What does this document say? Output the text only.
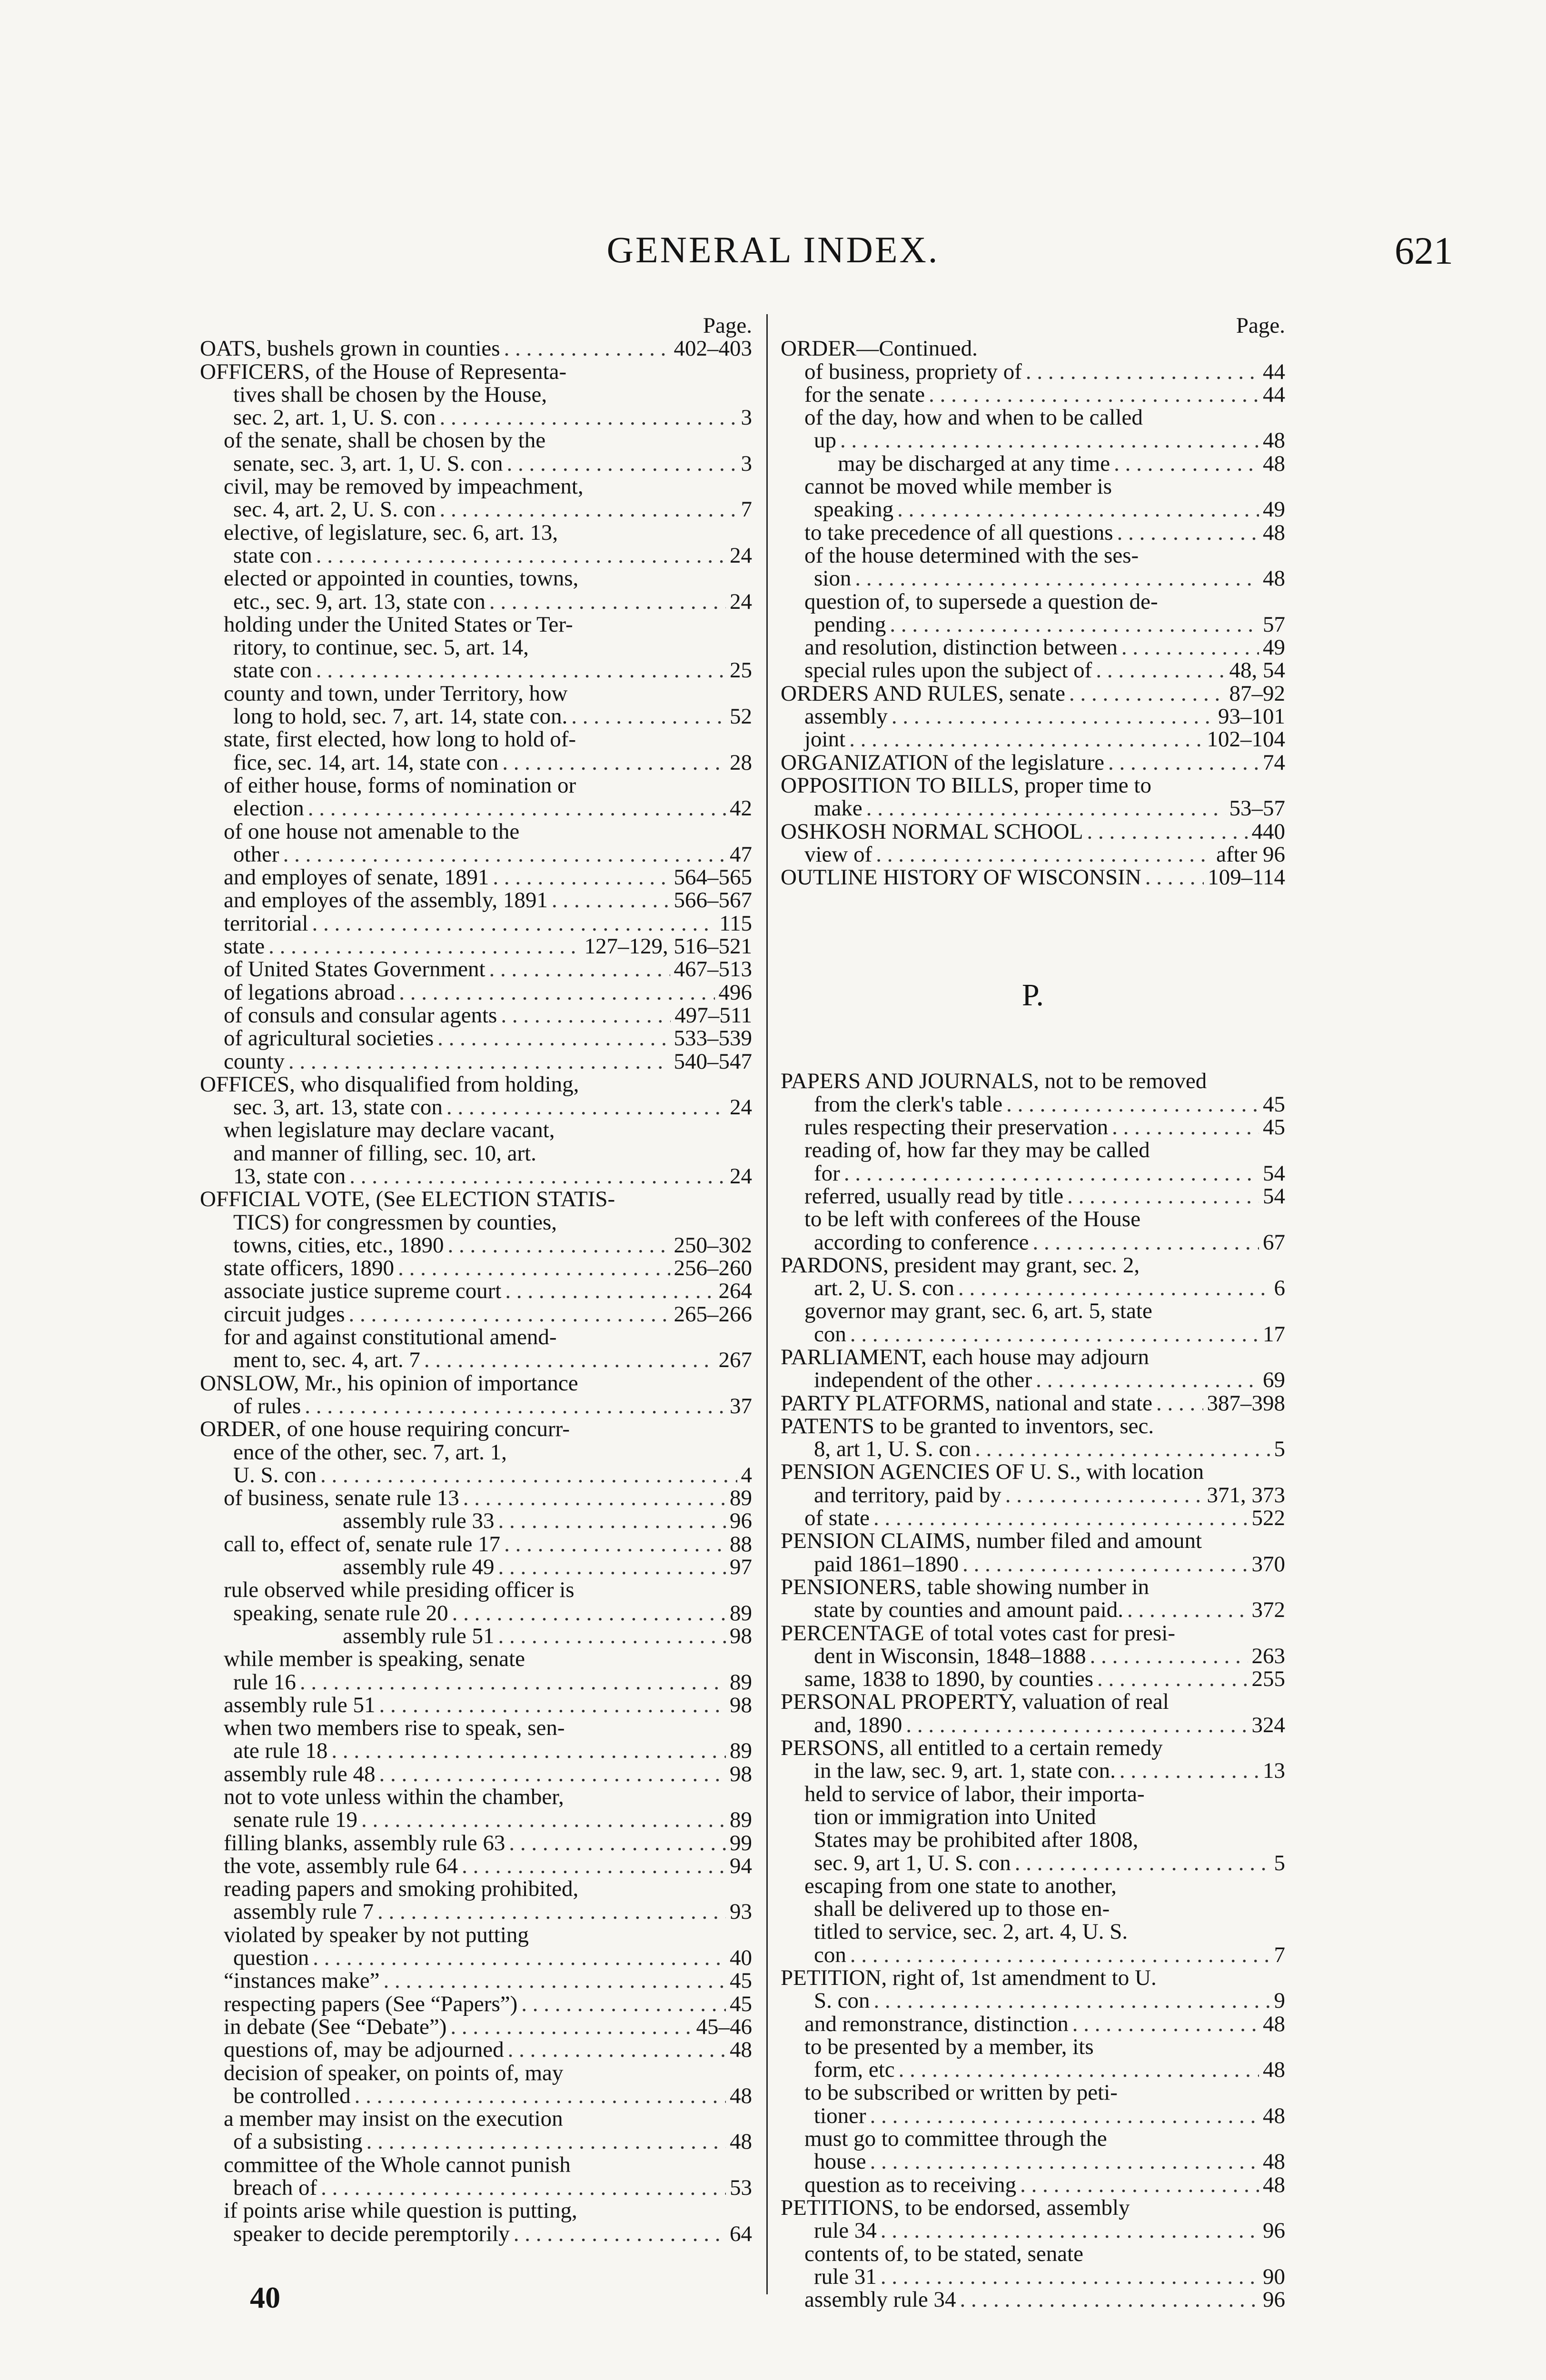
GENERAL INDEX.	621
Page.
OATS, bushels grown in counties . . .	402–403
OFFICERS, of the House of Representa-
tives shall be chosen by the House,
sec. 2, art. 1, U. S. con . . .	3
of the senate, shall be chosen by the
senate, sec. 3, art. 1, U. S. con . . .	3
civil, may be removed by impeachment,
sec. 4, art. 2, U. S. con . . .	7
elective, of legislature, sec. 6, art. 13,
state con . . .	24
elected or appointed in counties, towns,
etc., sec. 9, art. 13, state con . . .	24
holding under the United States or Ter-
ritory, to continue, sec. 5, art. 14,
state con . . .	25
county and town, under Territory, how
long to hold, sec. 7, art. 14, state con. . . .	52
state, first elected, how long to hold of-
fice, sec. 14, art. 14, state con . . .	28
of either house, forms of nomination or
election . . .	42
of one house not amenable to the
other . . .	47
and employes of senate, 1891 . . .	564–565
and employes of the assembly, 1891 . . .	566–567
territorial . . .	115
state . . .	127–129, 516–521
of United States Government . . .	467–513
of legations abroad . . .	496
of consuls and consular agents . . .	497–511
of agricultural societies . . .	533–539
county . . .	540–547
OFFICES, who disqualified from holding,
sec. 3, art. 13, state con . . .	24
when legislature may declare vacant,
and manner of filling, sec. 10, art.
13, state con . . .	24
OFFICIAL VOTE, (See ELECTION STATIS-
TICS) for congressmen by counties,
towns, cities, etc., 1890 . . .	250–302
state officers, 1890 . . .	256–260
associate justice supreme court . . .	264
circuit judges . . .	265–266
for and against constitutional amend-
ment to, sec. 4, art. 7 . . .	267
ONSLOW, Mr., his opinion of importance
of rules . . .	37
ORDER, of one house requiring concurr-
ence of the other, sec. 7, art. 1,
U. S. con . . .	4
of business, senate rule 13 . . .	89
assembly rule 33 . . .	96
call to, effect of, senate rule 17 . . .	88
assembly rule 49 . . .	97
rule observed while presiding officer is
speaking, senate rule 20 . . .	89
assembly rule 51 . . .	98
while member is speaking, senate
rule 16 . . .	89
assembly rule 51 . . .	98
when two members rise to speak, sen-
ate rule 18 . . .	89
assembly rule 48 . . .	98
not to vote unless within the chamber,
senate rule 19 . . .	89
filling blanks, assembly rule 63 . . .	99
the vote, assembly rule 64 . . .	94
reading papers and smoking prohibited,
assembly rule 7 . . .	93
violated by speaker by not putting
question . . .	40
“instances make” . . .	45
respecting papers (See “Papers”) . . .	45
in debate (See “Debate”) . . .	45–46
questions of, may be adjourned . . .	48
decision of speaker, on points of, may
be controlled . . .	48
a member may insist on the execution
of a subsisting . . .	48
committee of the Whole cannot punish
breach of . . .	53
if points arise while question is putting,
speaker to decide peremptorily . . .	64
Page.
ORDER—Continued.
of business, propriety of . . .	44
for the senate . . .	44
of the day, how and when to be called
up . . .	48
may be discharged at any time . . .	48
cannot be moved while member is
speaking . . .	49
to take precedence of all questions . . .	48
of the house determined with the ses-
sion . . .	48
question of, to supersede a question de-
pending . . .	57
and resolution, distinction between . . .	49
special rules upon the subject of . . .	48, 54
ORDERS AND RULES, senate . . .	87–92
assembly . . .	93–101
joint . . .	102–104
ORGANIZATION of the legislature . . .	74
OPPOSITION TO BILLS, proper time to
make . . .	53–57
OSHKOSH NORMAL SCHOOL . . .	440
view of . . .	after 96
OUTLINE HISTORY OF WISCONSIN . . .	109–114
P.
PAPERS AND JOURNALS, not to be removed
from the clerk's table . . .	45
rules respecting their preservation . . .	45
reading of, how far they may be called
for . . .	54
referred, usually read by title . . .	54
to be left with conferees of the House
according to conference . . .	67
PARDONS, president may grant, sec. 2,
art. 2, U. S. con . . .	6
governor may grant, sec. 6, art. 5, state
con . . .	17
PARLIAMENT, each house may adjourn
independent of the other . . .	69
PARTY PLATFORMS, national and state . . . 387–398
PATENTS to be granted to inventors, sec.
8, art 1, U. S. con . . .	5
PENSION AGENCIES OF U. S., with location
and territory, paid by . . .	371, 373
of state . . .	522
PENSION CLAIMS, number filed and amount
paid 1861–1890 . . .	370
PENSIONERS, table showing number in
state by counties and amount paid. . . .	372
PERCENTAGE of total votes cast for presi-
dent in Wisconsin, 1848–1888 . . .	263
same, 1838 to 1890, by counties . . .	255
PERSONAL PROPERTY, valuation of real
and, 1890 . . .	324
PERSONS, all entitled to a certain remedy
in the law, sec. 9, art. 1, state con. . . .	13
held to service of labor, their importa-
tion or immigration into United
States may be prohibited after 1808,
sec. 9, art 1, U. S. con . . .	5
escaping from one state to another,
shall be delivered up to those en-
titled to service, sec. 2, art. 4, U. S.
con . . .	7
PETITION, right of, 1st amendment to U.
S. con . . .	9
and remonstrance, distinction . . .	48
to be presented by a member, its
form, etc . . .	48
to be subscribed or written by peti-
tioner . . .	48
must go to committee through the
house . . .	48
question as to receiving . . .	48
PETITIONS, to be endorsed, assembly
rule 34 . . .	96
contents of, to be stated, senate
rule 31 . . .	90
assembly rule 34 . . .	96
40
